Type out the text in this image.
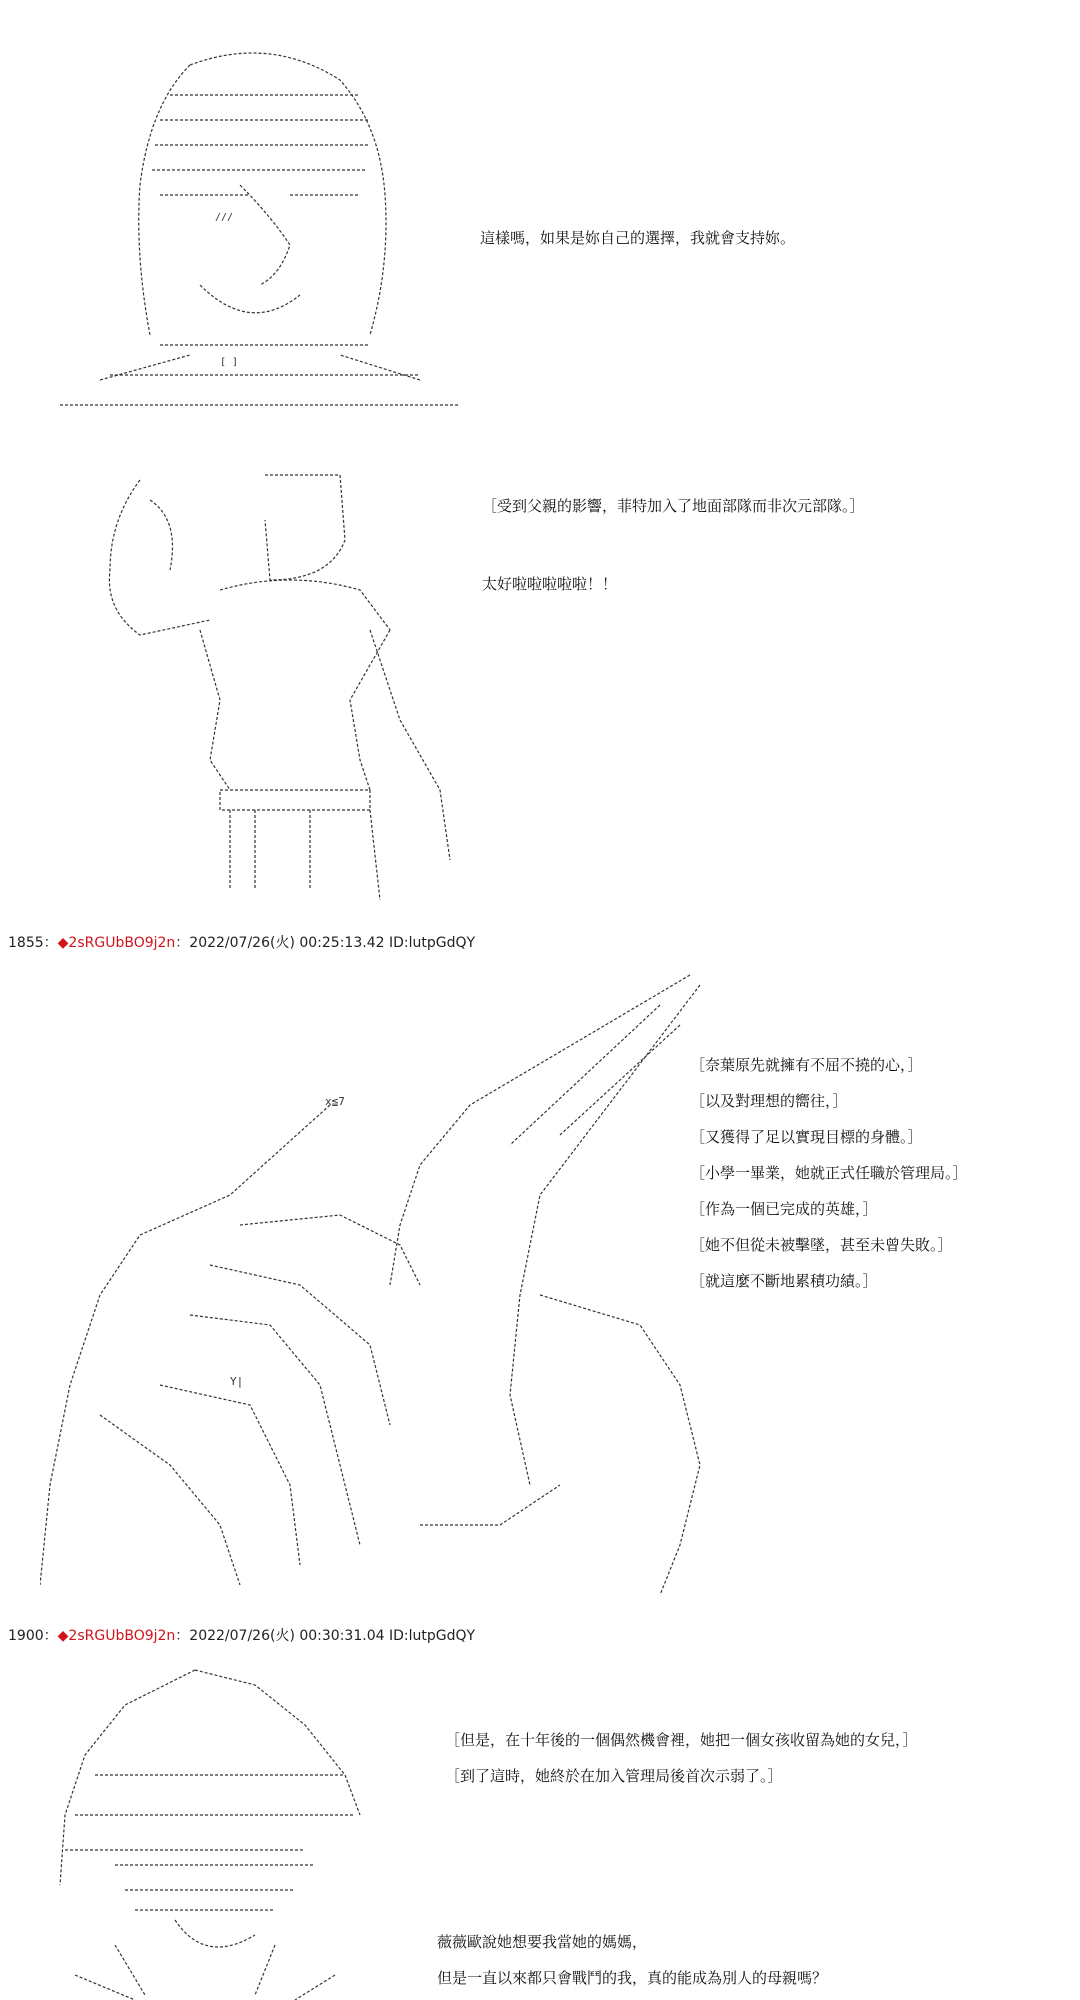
///
[ ]
這樣嗎，如果是妳自己的選擇，我就會支持妳。
［受到父親的影響，菲特加入了地面部隊而非次元部隊。］
太好啦啦啦啦啦！！
1855：◆2sRGUbBO9j2n：2022/07/26(火) 00:25:13.42 ID:lutpGdQY
x≦7
Y|
［奈葉原先就擁有不屈不撓的心，］
［以及對理想的嚮往，］
［又獲得了足以實現目標的身體。］
［小學一畢業，她就正式任職於管理局。］
［作為一個已完成的英雄，］
［她不但從未被擊墜，甚至未曾失敗。］
［就這麼不斷地累積功績。］
1900：◆2sRGUbBO9j2n：2022/07/26(火) 00:30:31.04 ID:lutpGdQY
［但是，在十年後的一個偶然機會裡，她把一個女孩收留為她的女兒，］
［到了這時，她終於在加入管理局後首次示弱了。］
薇薇歐說她想要我當她的媽媽，
但是一直以來都只會戰鬥的我，真的能成為別人的母親嗎？
